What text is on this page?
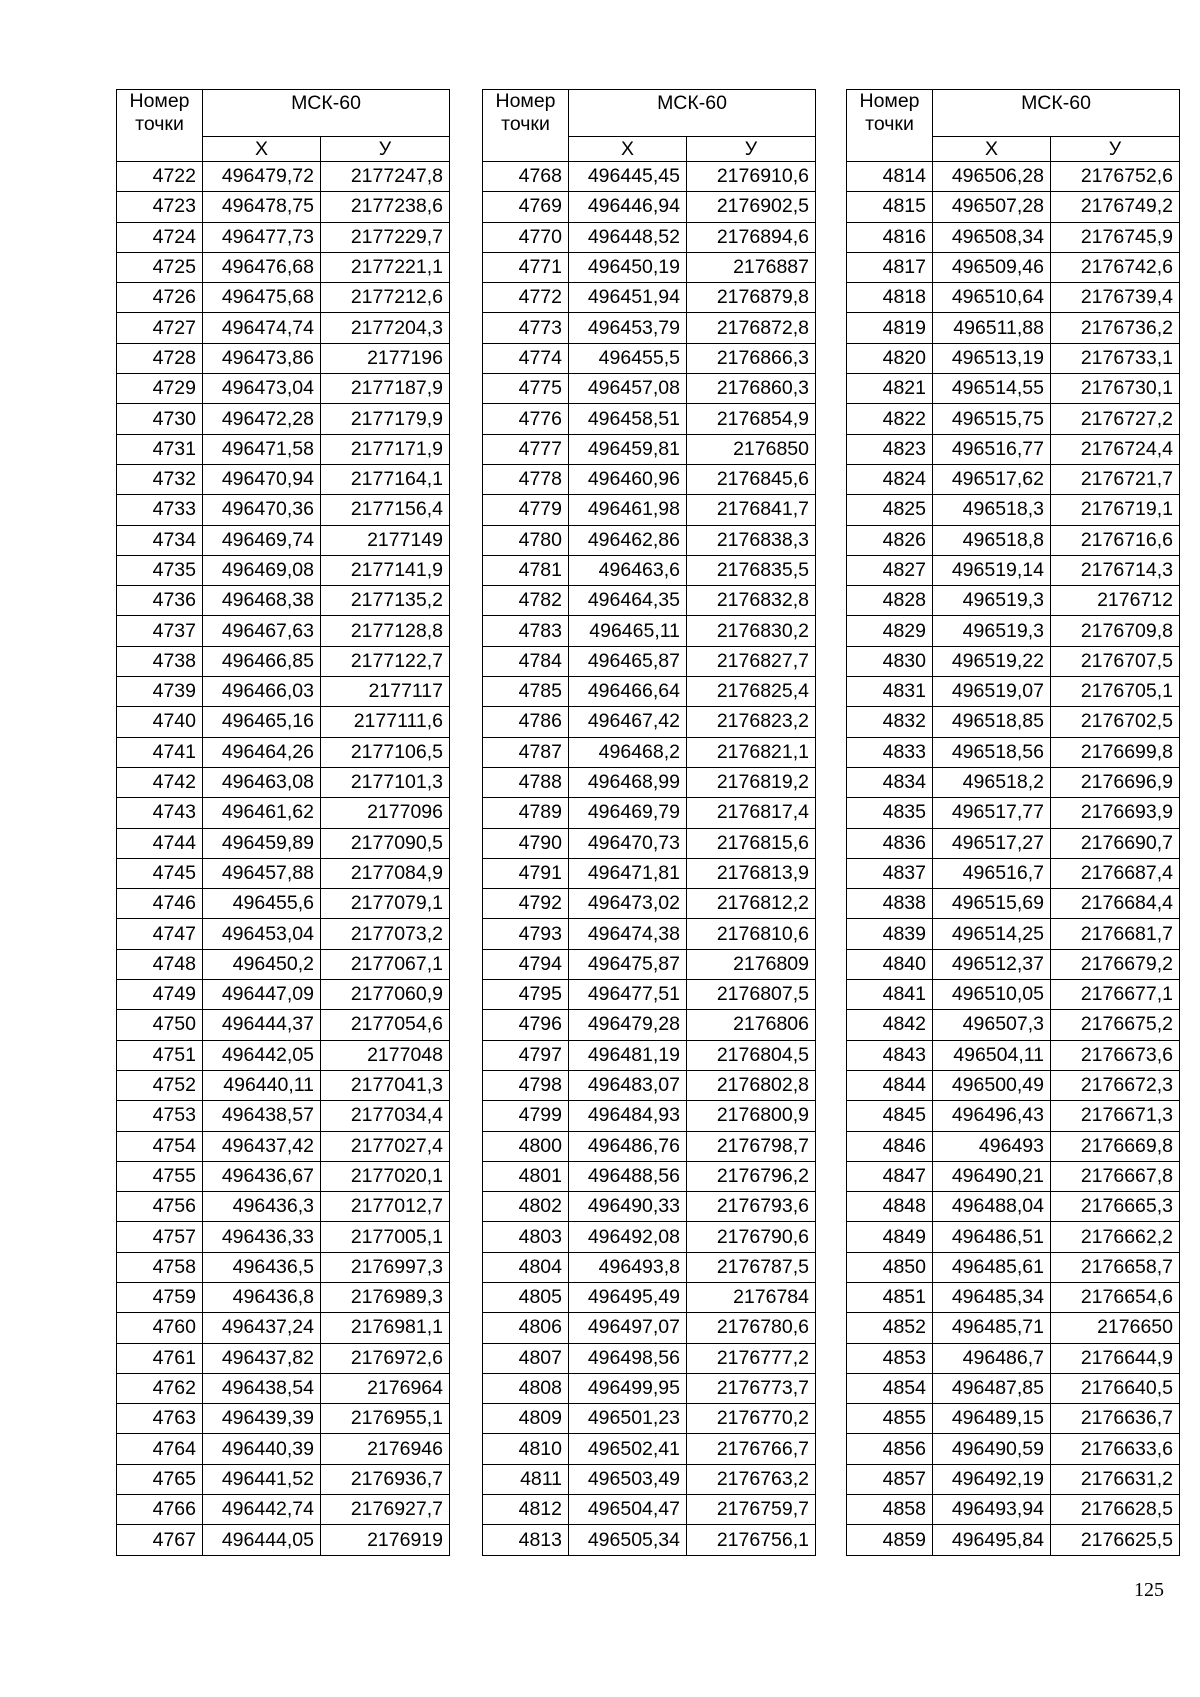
Номер
точки	МСК-60	
	Х	У
4722	496479,72	2177247,8
4723	496478,75	2177238,6
4724	496477,73	2177229,7
4725	496476,68	2177221,1
4726	496475,68	2177212,6
4727	496474,74	2177204,3
4728	496473,86	2177196
4729	496473,04	2177187,9
4730	496472,28	2177179,9
4731	496471,58	2177171,9
4732	496470,94	2177164,1
4733	496470,36	2177156,4
4734	496469,74	2177149
4735	496469,08	2177141,9
4736	496468,38	2177135,2
4737	496467,63	2177128,8
4738	496466,85	2177122,7
4739	496466,03	2177117
4740	496465,16	2177111,6
4741	496464,26	2177106,5
4742	496463,08	2177101,3
4743	496461,62	2177096
4744	496459,89	2177090,5
4745	496457,88	2177084,9
4746	496455,6	2177079,1
4747	496453,04	2177073,2
4748	496450,2	2177067,1
4749	496447,09	2177060,9
4750	496444,37	2177054,6
4751	496442,05	2177048
4752	496440,11	2177041,3
4753	496438,57	2177034,4
4754	496437,42	2177027,4
4755	496436,67	2177020,1
4756	496436,3	2177012,7
4757	496436,33	2177005,1
4758	496436,5	2176997,3
4759	496436,8	2176989,3
4760	496437,24	2176981,1
4761	496437,82	2176972,6
4762	496438,54	2176964
4763	496439,39	2176955,1
4764	496440,39	2176946
4765	496441,52	2176936,7
4766	496442,74	2176927,7
4767	496444,05	2176919
Номер
точки	МСК-60	
	Х	У
4768	496445,45	2176910,6
4769	496446,94	2176902,5
4770	496448,52	2176894,6
4771	496450,19	2176887
4772	496451,94	2176879,8
4773	496453,79	2176872,8
4774	496455,5	2176866,3
4775	496457,08	2176860,3
4776	496458,51	2176854,9
4777	496459,81	2176850
4778	496460,96	2176845,6
4779	496461,98	2176841,7
4780	496462,86	2176838,3
4781	496463,6	2176835,5
4782	496464,35	2176832,8
4783	496465,11	2176830,2
4784	496465,87	2176827,7
4785	496466,64	2176825,4
4786	496467,42	2176823,2
4787	496468,2	2176821,1
4788	496468,99	2176819,2
4789	496469,79	2176817,4
4790	496470,73	2176815,6
4791	496471,81	2176813,9
4792	496473,02	2176812,2
4793	496474,38	2176810,6
4794	496475,87	2176809
4795	496477,51	2176807,5
4796	496479,28	2176806
4797	496481,19	2176804,5
4798	496483,07	2176802,8
4799	496484,93	2176800,9
4800	496486,76	2176798,7
4801	496488,56	2176796,2
4802	496490,33	2176793,6
4803	496492,08	2176790,6
4804	496493,8	2176787,5
4805	496495,49	2176784
4806	496497,07	2176780,6
4807	496498,56	2176777,2
4808	496499,95	2176773,7
4809	496501,23	2176770,2
4810	496502,41	2176766,7
4811	496503,49	2176763,2
4812	496504,47	2176759,7
4813	496505,34	2176756,1
Номер
точки	МСК-60	
	Х	У
4814	496506,28	2176752,6
4815	496507,28	2176749,2
4816	496508,34	2176745,9
4817	496509,46	2176742,6
4818	496510,64	2176739,4
4819	496511,88	2176736,2
4820	496513,19	2176733,1
4821	496514,55	2176730,1
4822	496515,75	2176727,2
4823	496516,77	2176724,4
4824	496517,62	2176721,7
4825	496518,3	2176719,1
4826	496518,8	2176716,6
4827	496519,14	2176714,3
4828	496519,3	2176712
4829	496519,3	2176709,8
4830	496519,22	2176707,5
4831	496519,07	2176705,1
4832	496518,85	2176702,5
4833	496518,56	2176699,8
4834	496518,2	2176696,9
4835	496517,77	2176693,9
4836	496517,27	2176690,7
4837	496516,7	2176687,4
4838	496515,69	2176684,4
4839	496514,25	2176681,7
4840	496512,37	2176679,2
4841	496510,05	2176677,1
4842	496507,3	2176675,2
4843	496504,11	2176673,6
4844	496500,49	2176672,3
4845	496496,43	2176671,3
4846	496493	2176669,8
4847	496490,21	2176667,8
4848	496488,04	2176665,3
4849	496486,51	2176662,2
4850	496485,61	2176658,7
4851	496485,34	2176654,6
4852	496485,71	2176650
4853	496486,7	2176644,9
4854	496487,85	2176640,5
4855	496489,15	2176636,7
4856	496490,59	2176633,6
4857	496492,19	2176631,2
4858	496493,94	2176628,5
4859	496495,84	2176625,5
125
